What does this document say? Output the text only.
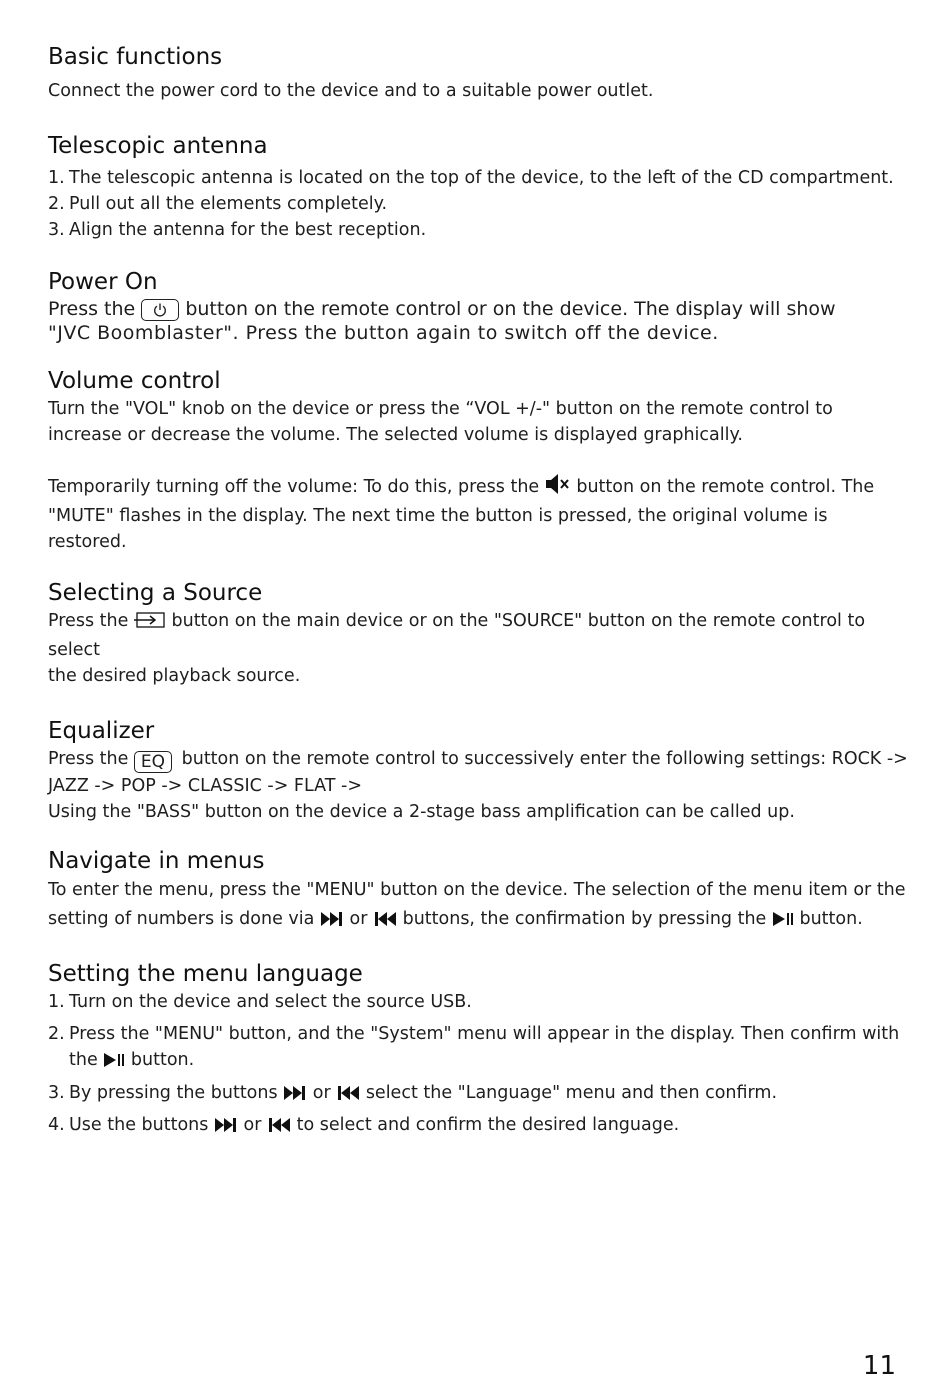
Basic functions

Connect the power cord to the device and to a suitable power outlet.

Telescopic antenna
1. The telescopic antenna is located on the top of the device, to the left of the CD compartment.
2. Pull out all the elements completely.
3. Align the antenna for the best reception.
Power On

Press the	button on the remote control or on the device. The display will show
"JVC Boomblaster". Press the button again to switch off the device.

Volume control

Turn the "VOL" knob on the device or press the “VOL +/-" button on the remote control to increase or decrease the volume. The selected volume is displayed graphically.

Temporarily turning off the volume: To do this, press the button on the remote control. The
"MUTE" flashes in the display. The next time the button is pressed, the original volume is restored.

Selecting a Source

Press the button on the main device or on the "SOURCE" button on the remote control to select
the desired playback source.

Equalizer

Press the EQ button on the remote control to successively enter the following settings: ROCK ->
JAZZ -> POP -> CLASSIC -> FLAT ->
Using the "BASS" button on the device a 2-stage bass amplification can be called up.

Navigate in menus

To enter the menu, press the "MENU" button on the device. The selection of the menu item or the
setting of numbers is done via or buttons, the confirmation by pressing the button.

Setting the menu language
1. Turn on the device and select the source USB.
2. Press the "MENU" button, and the "System" menu will appear in the display. Then confirm with
the button.
3. By pressing the buttons or select the "Language" menu and then confirm.
4. Use the buttons or to select and confirm the desired language.
11
